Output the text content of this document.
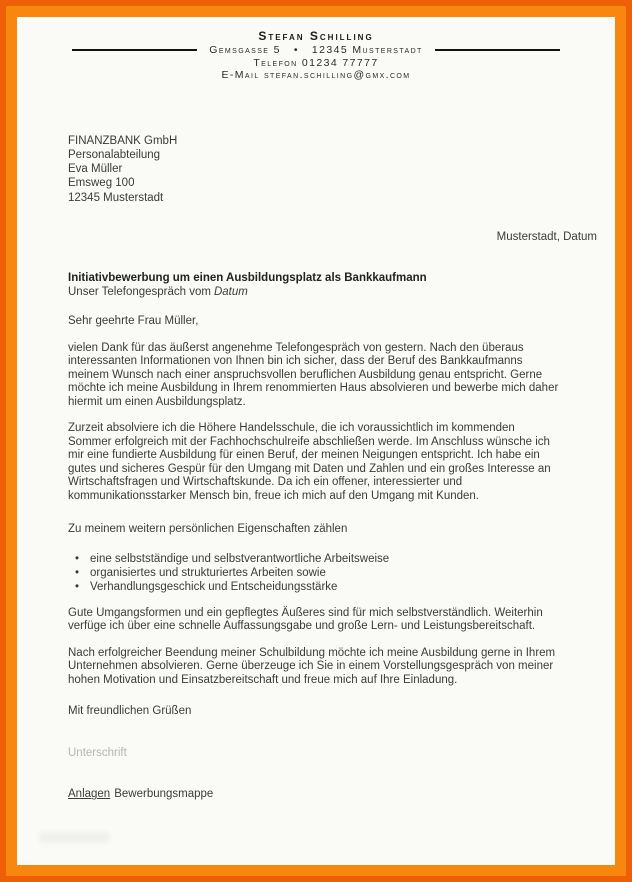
Stefan Schilling
Gemsgasse 5   •   12345 Musterstadt
Telefon 01234 77777
E-Mail stefan.schilling@gmx.com
FINANZBANK GmbH
Personalabteilung
Eva Müller
Emsweg 100
12345 Musterstadt
Musterstadt, Datum
Initiativbewerbung um einen Ausbildungsplatz als Bankkaufmann
Unser Telefongespräch vom Datum

Sehr geehrte Frau Müller,

vielen Dank für das äußerst angenehme Telefongespräch von gestern. Nach den überaus interessanten Informationen von Ihnen bin ich sicher, dass der Beruf des Bankkaufmanns meinem Wunsch nach einer anspruchsvollen beruflichen Ausbildung genau entspricht. Gerne möchte ich meine Ausbildung in Ihrem renommierten Haus absolvieren und bewerbe mich daher hiermit um einen Ausbildungsplatz.

Zurzeit absolviere ich die Höhere Handelsschule, die ich voraussichtlich im kommenden Sommer erfolgreich mit der Fachhochschulreife abschließen werde. Im Anschluss wünsche ich mir eine fundierte Ausbildung für einen Beruf, der meinen Neigungen entspricht. Ich habe ein gutes und sicheres Gespür für den Umgang mit Daten und Zahlen und ein großes Interesse an Wirtschaftsfragen und Wirtschaftskunde. Da ich ein offener, interessierter und kommunikationsstarker Mensch bin, freue ich mich auf den Umgang mit Kunden.

Zu meinem weitern persönlichen Eigenschaften zählen

• eine selbstständige und selbstverantwortliche Arbeitsweise
• organisiertes und strukturiertes Arbeiten sowie
• Verhandlungsgeschick und Entscheidungsstärke

Gute Umgangsformen und ein gepflegtes Äußeres sind für mich selbstverständlich. Weiterhin verfüge ich über eine schnelle Auffassungsgabe und große Lern- und Leistungsbereitschaft.

Nach erfolgreicher Beendung meiner Schulbildung möchte ich meine Ausbildung gerne in Ihrem Unternehmen absolvieren. Gerne überzeuge ich Sie in einem Vorstellungsgespräch von meiner hohen Motivation und Einsatzbereitschaft und freue mich auf Ihre Einladung.

Mit freundlichen Grüßen
Unterschrift
Anlagen Bewerbungsmappe
